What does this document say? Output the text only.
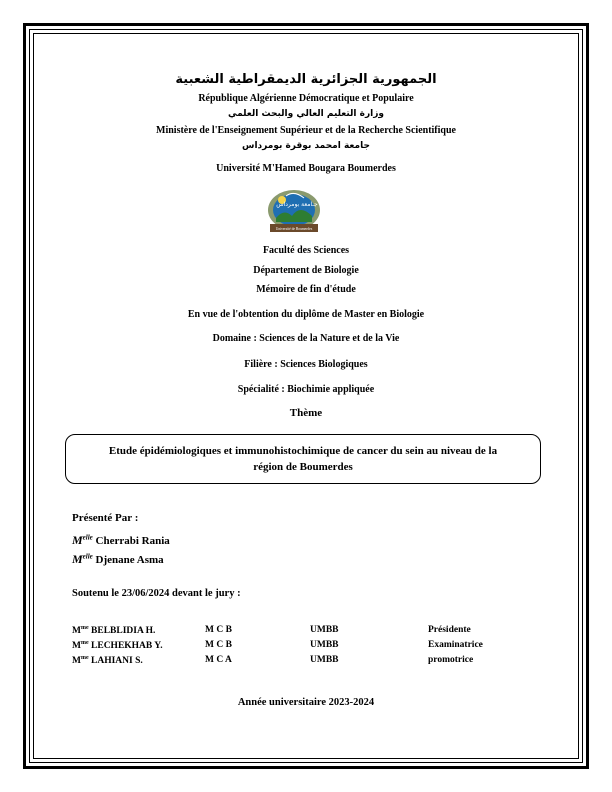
الجمهورية الجزائرية الديمقراطية الشعبية
République Algérienne Démocratique et Populaire
وزارة التعليم العالي والبحث العلمي
Ministère de l'Enseignement Supérieur et de la Recherche Scientifique
جامعة امحمد بوقرة بومرداس
Université M'Hamed Bougara Boumerdes
جـامعة بومرداس
Université de Boumerdes
Faculté des Sciences
Département de Biologie
Mémoire de fin d'étude
En vue de l'obtention du diplôme de Master en Biologie
Domaine : Sciences de la Nature et de la Vie
Filière : Sciences Biologiques
Spécialité : Biochimie appliquée
Thème
Etude épidémiologiques et immunohistochimique de cancer du sein au niveau de la
région de Boumerdes
Présenté Par :
$M^{elle}$ Cherrabi Rania
$M^{elle}$ Djenane Asma
Soutenu le 23/06/2024 devant le jury :
$M^{me}$ BELBLIDIA H.	M C B	UMBB	Présidente
$M^{me}$ LECHEKHAB Y.	M C B	UMBB	Examinatrice
$M^{me}$ LAHIANI S.	M C A	UMBB	promotrice
Année universitaire 2023-2024
